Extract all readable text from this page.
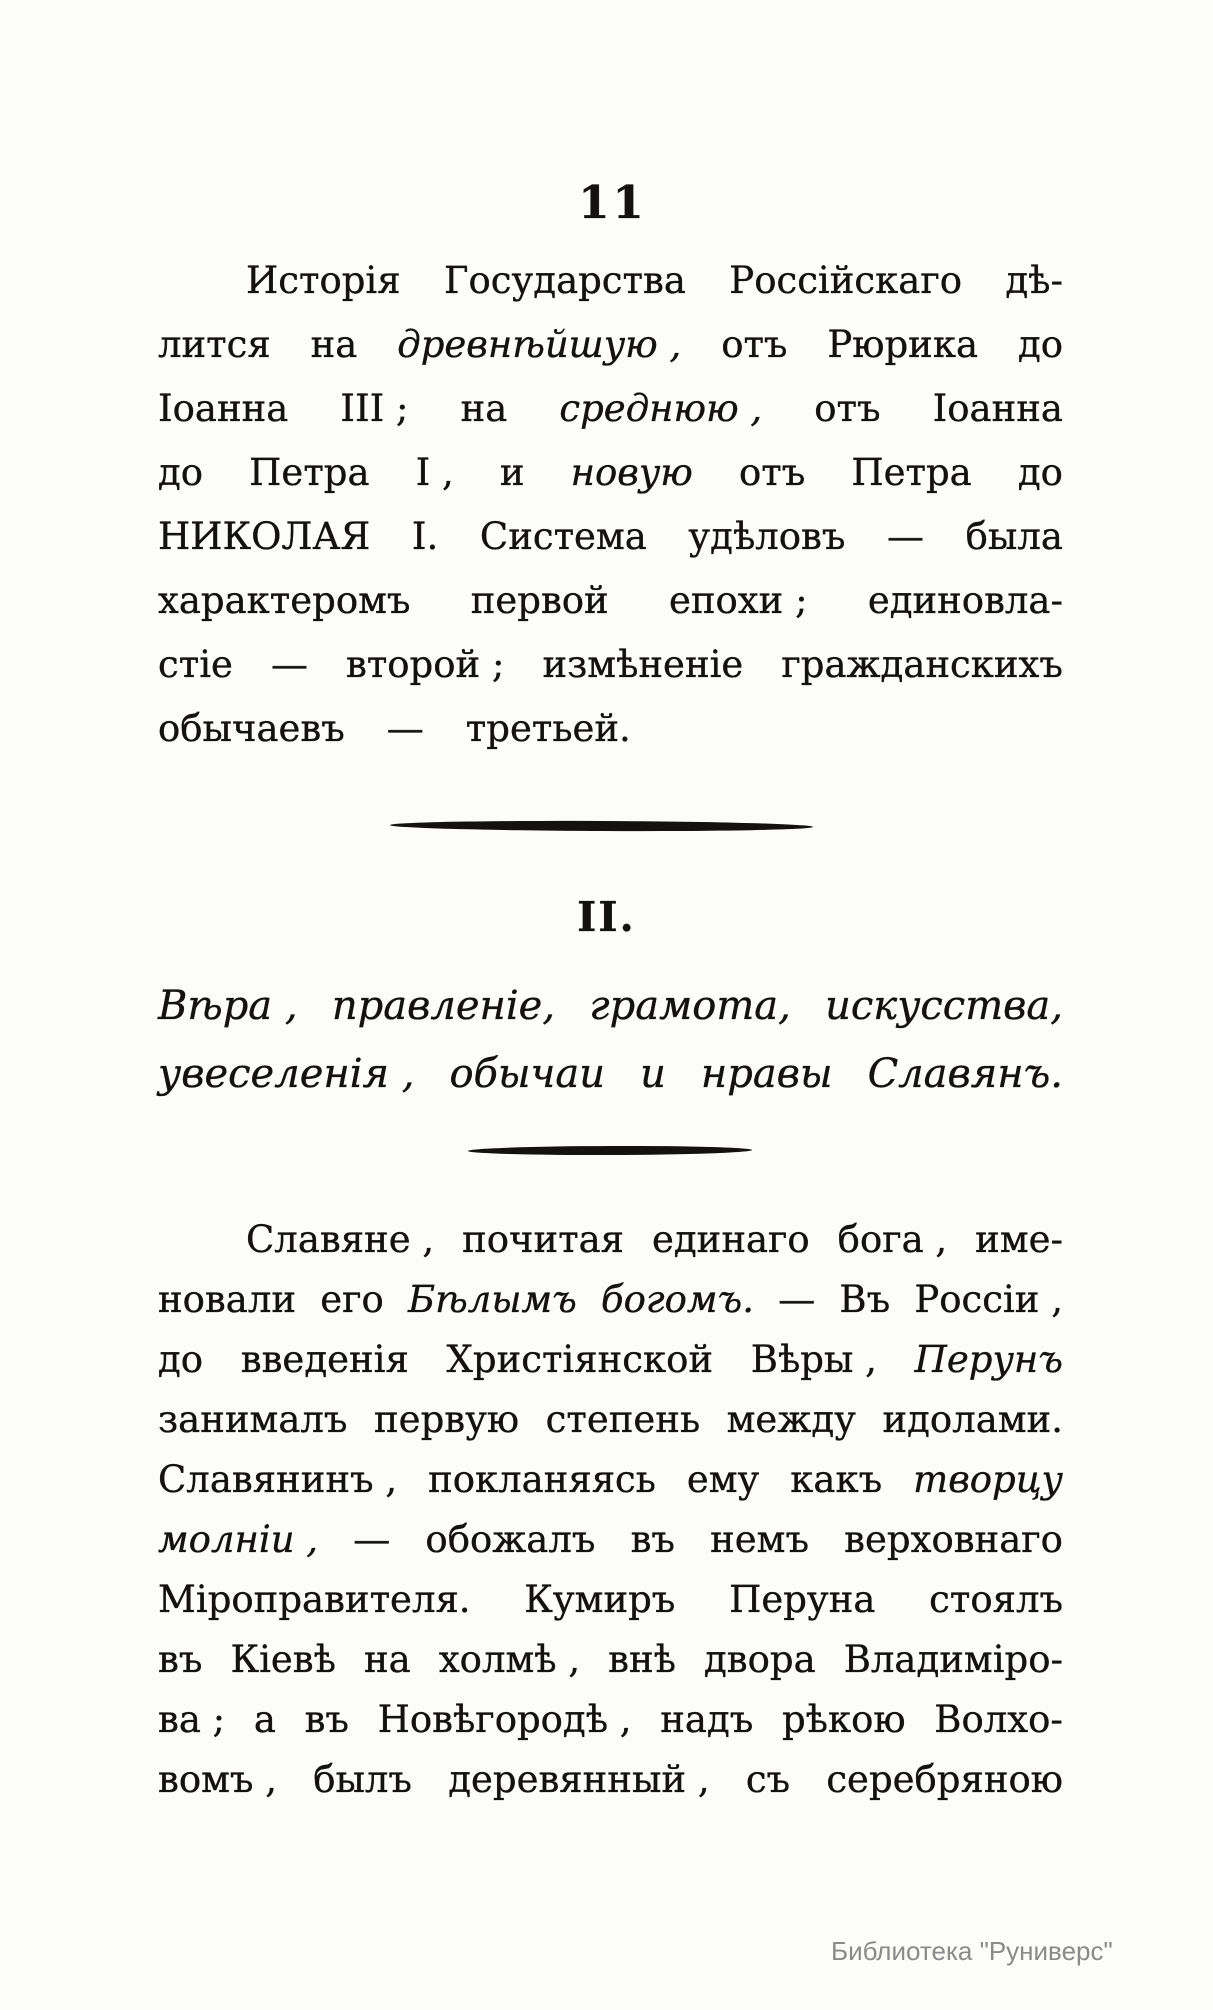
11
Исторія Государства Россійскаго дѣ-
лится на древнѣйшую , отъ Рюрика до
Іоанна III ; на среднюю , отъ Іоанна
до Петра I , и новую отъ Петра до
НИКОЛАЯ I. Система удѣловъ — была
характеромъ первой епохи ; единовла-
стіе — второй ; измѣненіе гражданскихъ
обычаевъ — третьей.
II.
Вѣра , правленіе, грамота, искусства,
увеселенія , обычаи и нравы Славянъ.
Славяне , почитая единаго бога , име-
новали его Бѣлымъ богомъ. — Въ Россіи ,
до введенія Христіянской Вѣры , Перунъ
занималъ первую степень между идолами.
Славянинъ , покланяясь ему какъ творцу
молніи , — обожалъ въ немъ верховнаго
Міроправителя. Кумиръ Перуна стоялъ
въ Кіевѣ на холмѣ , внѣ двора Владиміро-
ва ; а въ Новѣгородѣ , надъ рѣкою Волхо-
вомъ , былъ деревянный , съ серебряною
Библиотека "Руниверс"
